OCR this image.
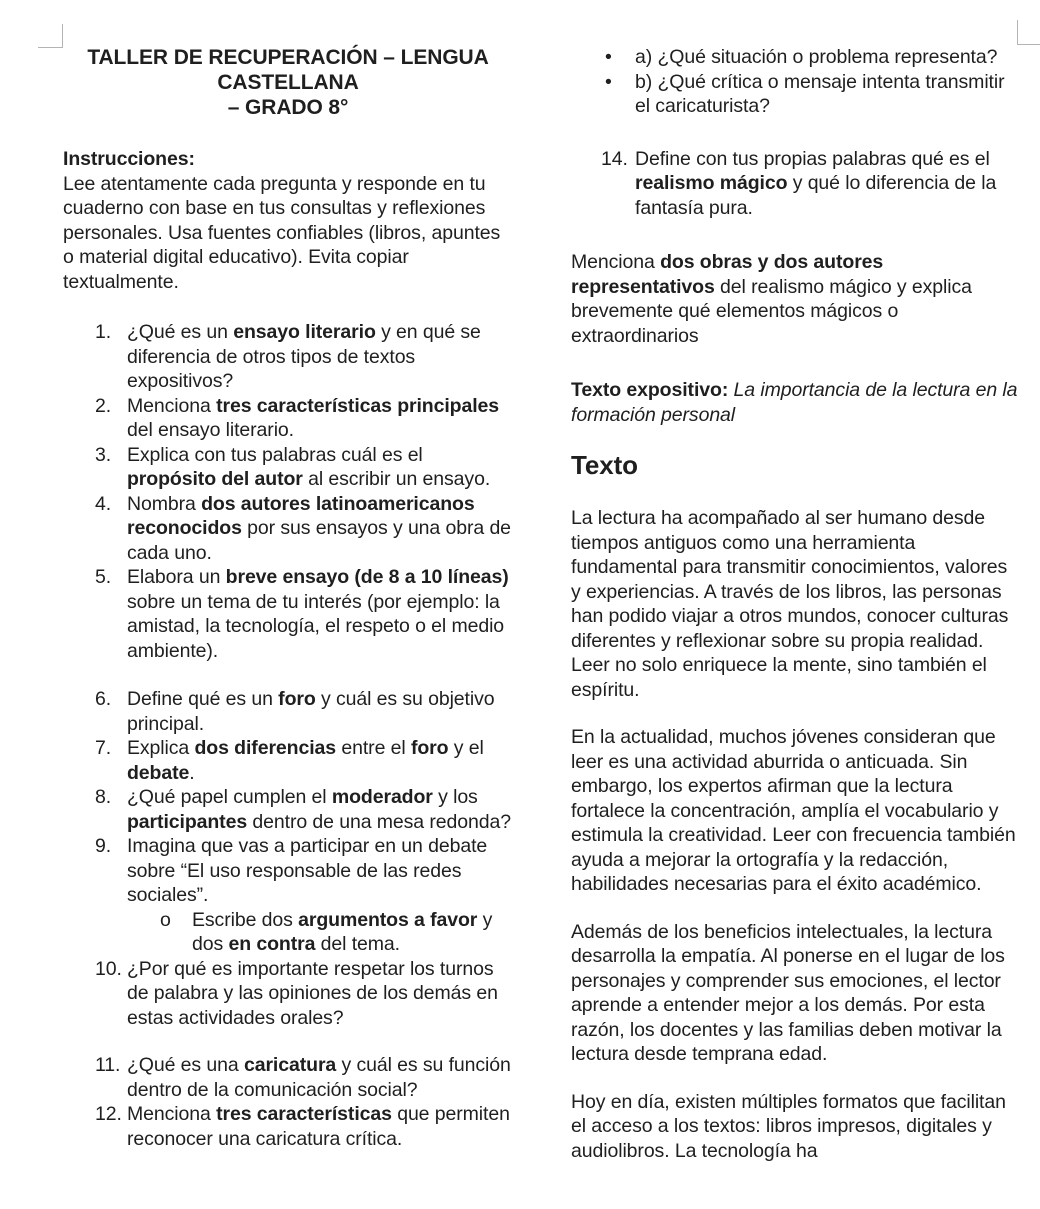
TALLER DE RECUPERACIÓN – LENGUA
CASTELLANA
– GRADO 8°
Instrucciones:
Lee atentamente cada pregunta y responde en tu cuaderno con base en tus consultas y reflexiones personales. Usa fuentes confiables (libros, apuntes o material digital educativo). Evita copiar textualmente.
1. ¿Qué es un ensayo literario y en qué se diferencia de otros tipos de textos expositivos?
2. Menciona tres características principales del ensayo literario.
3. Explica con tus palabras cuál es el propósito del autor al escribir un ensayo.
4. Nombra dos autores latinoamericanos reconocidos por sus ensayos y una obra de cada uno.
5. Elabora un breve ensayo (de 8 a 10 líneas) sobre un tema de tu interés (por ejemplo: la amistad, la tecnología, el respeto o el medio ambiente).
6. Define qué es un foro y cuál es su objetivo principal.
7. Explica dos diferencias entre el foro y el debate.
8. ¿Qué papel cumplen el moderador y los participantes dentro de una mesa redonda?
9. Imagina que vas a participar en un debate sobre “El uso responsable de las redes sociales”.
o	Escribe dos argumentos a favor y dos en contra del tema.
10. ¿Por qué es importante respetar los turnos de palabra y las opiniones de los demás en estas actividades orales?
11. ¿Qué es una caricatura y cuál es su función dentro de la comunicación social?
12. Menciona tres características que permiten reconocer una caricatura crítica.
•	a) ¿Qué situación o problema representa?
•	b) ¿Qué crítica o mensaje intenta transmitir el caricaturista?
14. Define con tus propias palabras qué es el realismo mágico y qué lo diferencia de la fantasía pura.
Menciona dos obras y dos autores representativos del realismo mágico y explica brevemente qué elementos mágicos o extraordinarios
Texto expositivo: La importancia de la lectura en la formación personal
Texto
La lectura ha acompañado al ser humano desde tiempos antiguos como una herramienta fundamental para transmitir conocimientos, valores y experiencias. A través de los libros, las personas han podido viajar a otros mundos, conocer culturas diferentes y reflexionar sobre su propia realidad. Leer no solo enriquece la mente, sino también el espíritu.
En la actualidad, muchos jóvenes consideran que leer es una actividad aburrida o anticuada. Sin embargo, los expertos afirman que la lectura fortalece la concentración, amplía el vocabulario y estimula la creatividad. Leer con frecuencia también ayuda a mejorar la ortografía y la redacción, habilidades necesarias para el éxito académico.
Además de los beneficios intelectuales, la lectura desarrolla la empatía. Al ponerse en el lugar de los personajes y comprender sus emociones, el lector aprende a entender mejor a los demás. Por esta razón, los docentes y las familias deben motivar la lectura desde temprana edad.
Hoy en día, existen múltiples formatos que facilitan el acceso a los textos: libros impresos, digitales y audiolibros. La tecnología ha
